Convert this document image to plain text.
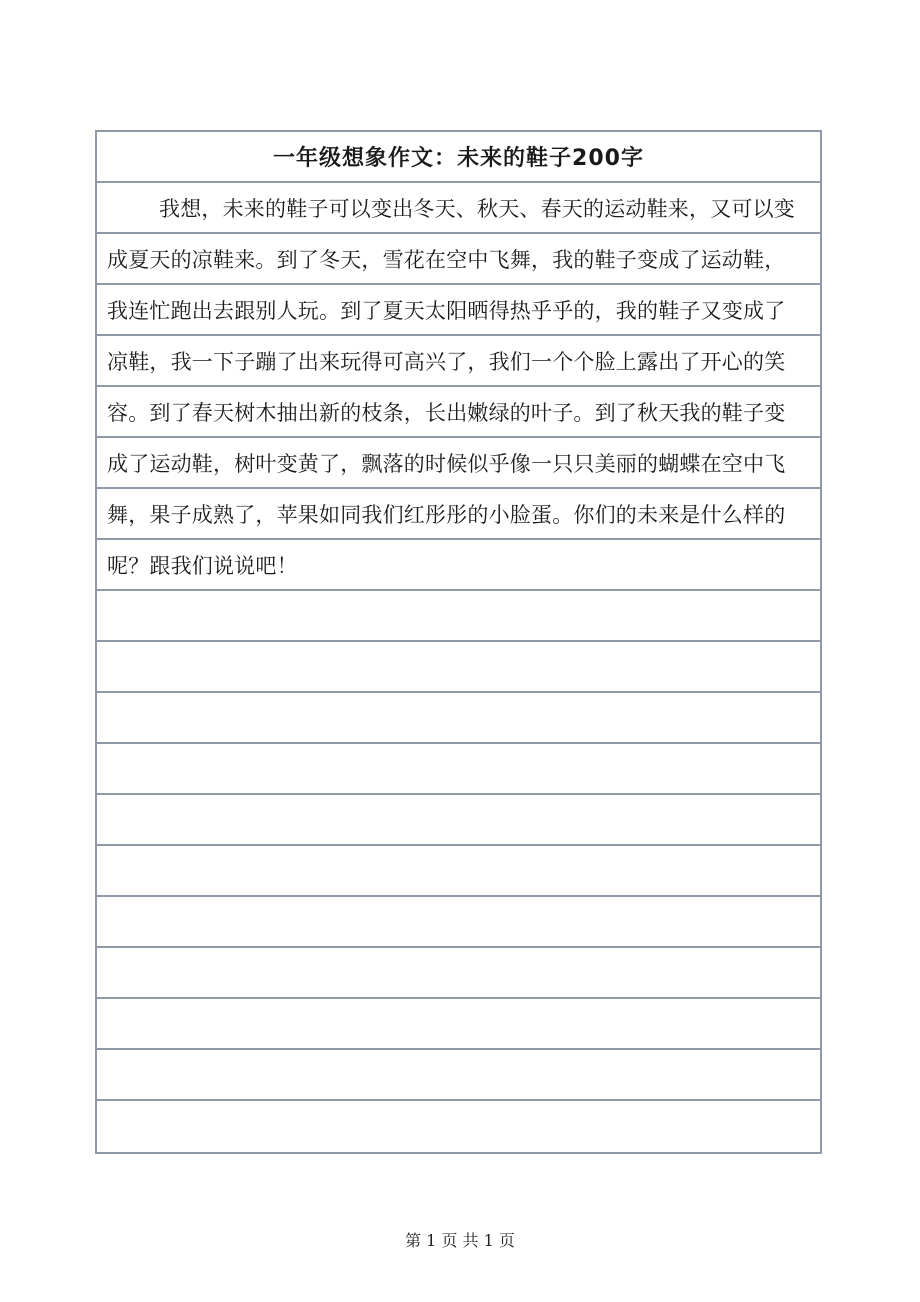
一年级想象作文：未来的鞋子200字
我想，未来的鞋子可以变出冬天、秋天、春天的运动鞋来，又可以变
成夏天的凉鞋来。到了冬天，雪花在空中飞舞，我的鞋子变成了运动鞋，
我连忙跑出去跟别人玩。到了夏天太阳晒得热乎乎的，我的鞋子又变成了
凉鞋，我一下子蹦了出来玩得可高兴了，我们一个个脸上露出了开心的笑
容。到了春天树木抽出新的枝条，长出嫩绿的叶子。到了秋天我的鞋子变
成了运动鞋，树叶变黄了，飘落的时候似乎像一只只美丽的蝴蝶在空中飞
舞，果子成熟了，苹果如同我们红彤彤的小脸蛋。你们的未来是什么样的
呢？跟我们说说吧！
第 1 页 共 1 页
